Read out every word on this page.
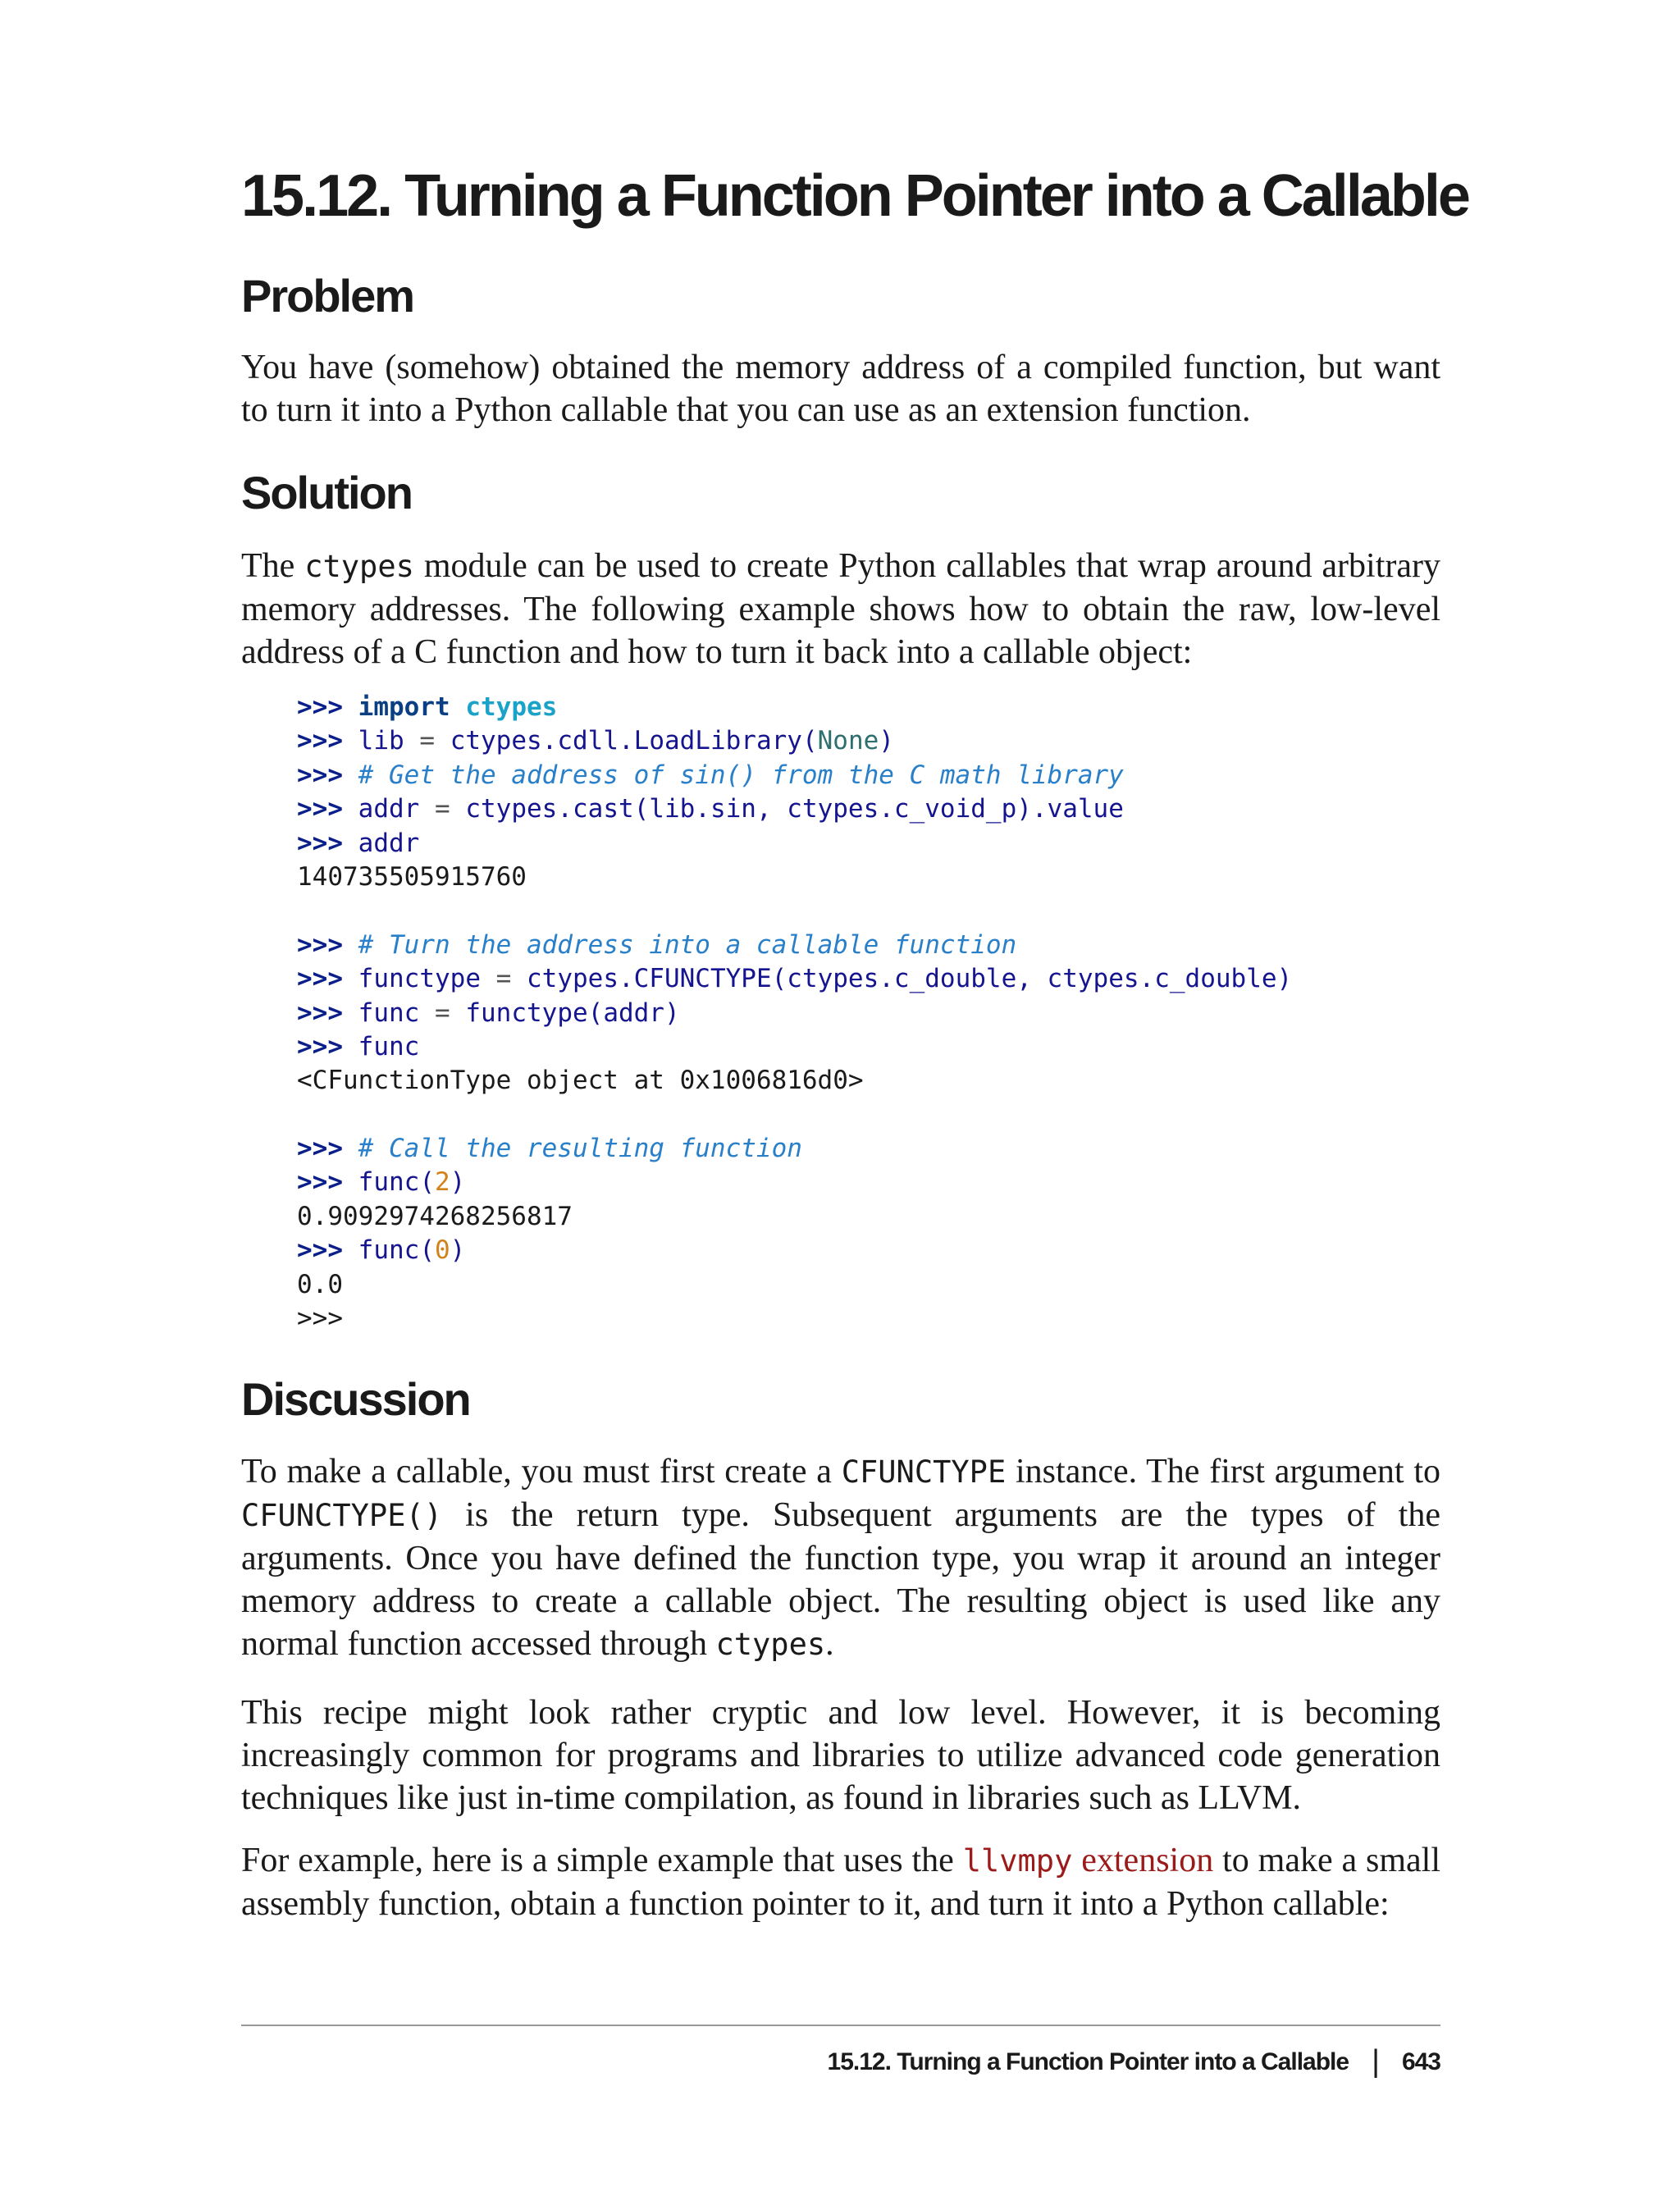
15.12. Turning a Function Pointer into a Callable
Problem

You have (somehow) obtained the memory address of a compiled function, but want to turn it into a Python callable that you can use as an extension function.

Solution

The ctypes module can be used to create Python callables that wrap around arbitrary memory addresses. The following example shows how to obtain the raw, low-level address of a C function and how to turn it back into a callable object:

>>> import ctypes
>>> lib = ctypes.cdll.LoadLibrary(None)
>>> # Get the address of sin() from the C math library
>>> addr = ctypes.cast(lib.sin, ctypes.c_void_p).value
>>> addr
140735505915760
>>> # Turn the address into a callable function
>>> functype = ctypes.CFUNCTYPE(ctypes.c_double, ctypes.c_double)
>>> func = functype(addr)
>>> func
<CFunctionType object at 0x1006816d0>
>>> # Call the resulting function
>>> func(2)
0.9092974268256817
>>> func(0)
0.0
>>>
Discussion

To make a callable, you must first create a CFUNCTYPE instance. The first argument to CFUNCTYPE() is the return type. Subsequent arguments are the types of the arguments. Once you have defined the function type, you wrap it around an integer memory address to create a callable object. The resulting object is used like any normal function accessed through ctypes.

This recipe might look rather cryptic and low level. However, it is becoming increasingly common for programs and libraries to utilize advanced code generation techniques like just in-time compilation, as found in libraries such as LLVM.

For example, here is a simple example that uses the llvmpy extension to make a small assembly function, obtain a function pointer to it, and turn it into a Python callable:

15.12. Turning a Function Pointer into a Callable | 643
